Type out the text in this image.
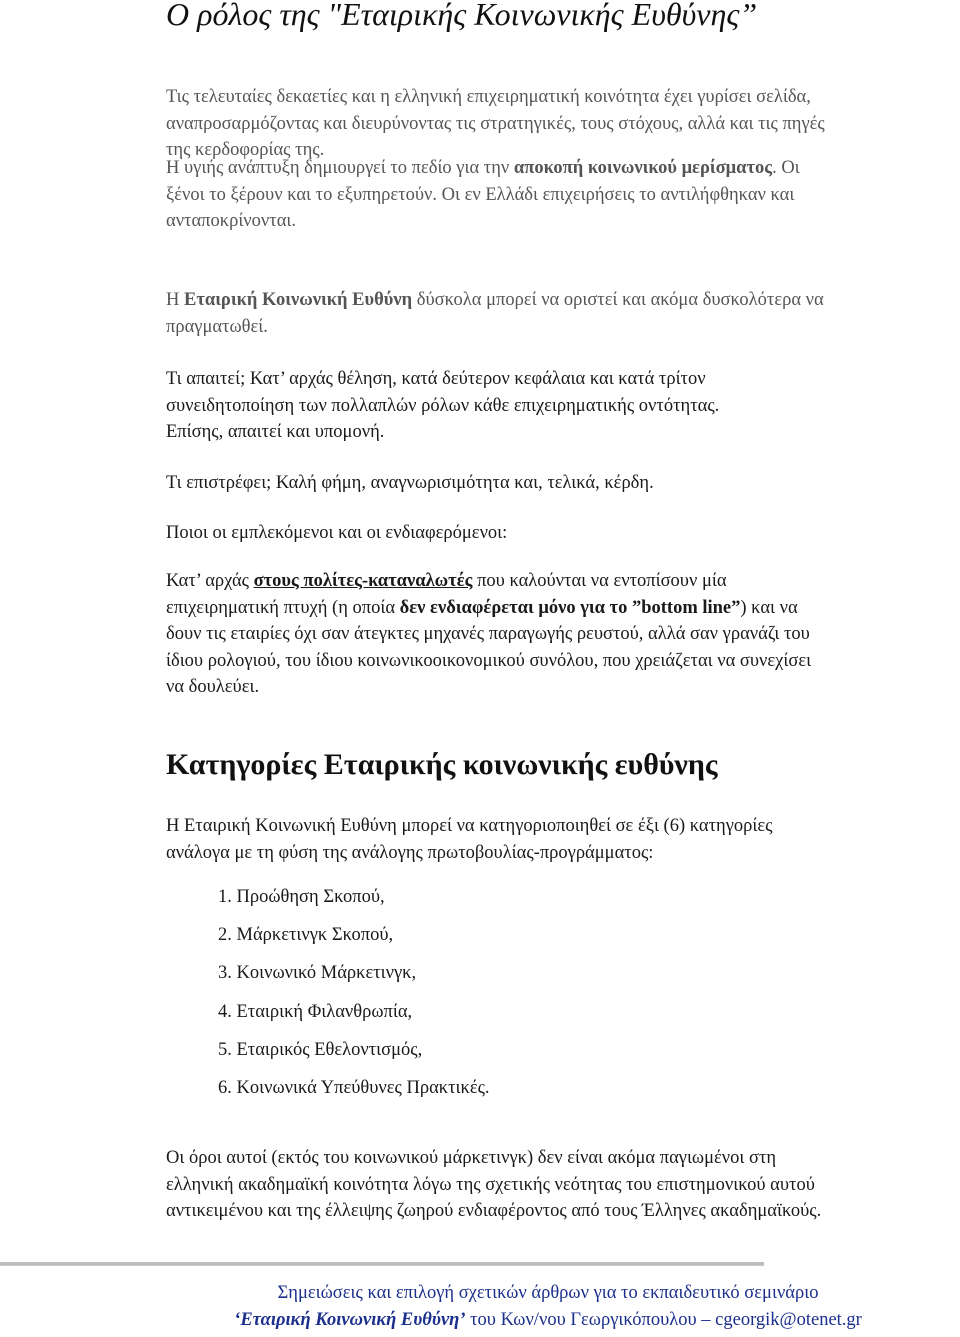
Ο ρόλος της "Εταιρικής Κοινωνικής Ευθύνης”

Τις τελευταίες δεκαετίες και η ελληνική επιχειρηματική κοινότητα έχει γυρίσει σελίδα,
αναπροσαρμόζοντας και διευρύνοντας τις στρατηγικές, τους στόχους, αλλά και τις πηγές
της κερδοφορίας της.

Η υγιής ανάπτυξη δημιουργεί το πεδίο για την αποκοπή κοινωνικού μερίσματος. Οι
ξένοι το ξέρουν και το εξυπηρετούν. Οι εν Ελλάδι επιχειρήσεις το αντιλήφθηκαν και
ανταποκρίνονται.

Η Εταιρική Κοινωνική Ευθύνη δύσκολα μπορεί να οριστεί και ακόμα δυσκολότερα να
πραγματωθεί.

Τι απαιτεί; Κατ’ αρχάς θέληση, κατά δεύτερον κεφάλαια και κατά τρίτον
συνειδητοποίηση των πολλαπλών ρόλων κάθε επιχειρηματικής οντότητας.
Επίσης, απαιτεί και υπομονή.

Τι επιστρέφει; Καλή φήμη, αναγνωρισιμότητα και, τελικά, κέρδη.

Ποιοι οι εμπλεκόμενοι και οι ενδιαφερόμενοι:

Κατ’ αρχάς στους πολίτες-καταναλωτές που καλούνται να εντοπίσουν μία
επιχειρηματική πτυχή (η οποία δεν ενδιαφέρεται μόνο για το ”bottom line”) και να
δουν τις εταιρίες όχι σαν άτεγκτες μηχανές παραγωγής ρευστού, αλλά σαν γρανάζι του
ίδιου ρολογιού, του ίδιου κοινωνικοοικονομικού συνόλου, που χρειάζεται να συνεχίσει
να δουλεύει.

Κατηγορίες Εταιρικής κοινωνικής ευθύνης

Η Εταιρική Κοινωνική Ευθύνη μπορεί να κατηγοριοποιηθεί σε έξι (6) κατηγορίες
ανάλογα με τη φύση της ανάλογης πρωτοβουλίας-προγράμματος:

1. Προώθηση Σκοπού,
2. Μάρκετινγκ Σκοπού,
3. Κοινωνικό Μάρκετινγκ,
4. Εταιρική Φιλανθρωπία,
5. Εταιρικός Εθελοντισμός,
6. Κοινωνικά Υπεύθυνες Πρακτικές.

Οι όροι αυτοί (εκτός του κοινωνικού μάρκετινγκ) δεν είναι ακόμα παγιωμένοι στη
ελληνική ακαδημαϊκή κοινότητα λόγω της σχετικής νεότητας του επιστημονικού αυτού
αντικειμένου και της έλλειψης ζωηρού ενδιαφέροντος από τους Έλληνες ακαδημαϊκούς.

Σημειώσεις και επιλογή σχετικών άρθρων για το εκπαιδευτικό σεμινάριο
‘Εταιρική Κοινωνική Ευθύνη’ του Κων/νου Γεωργικόπουλου – cgeorgik@otenet.gr
